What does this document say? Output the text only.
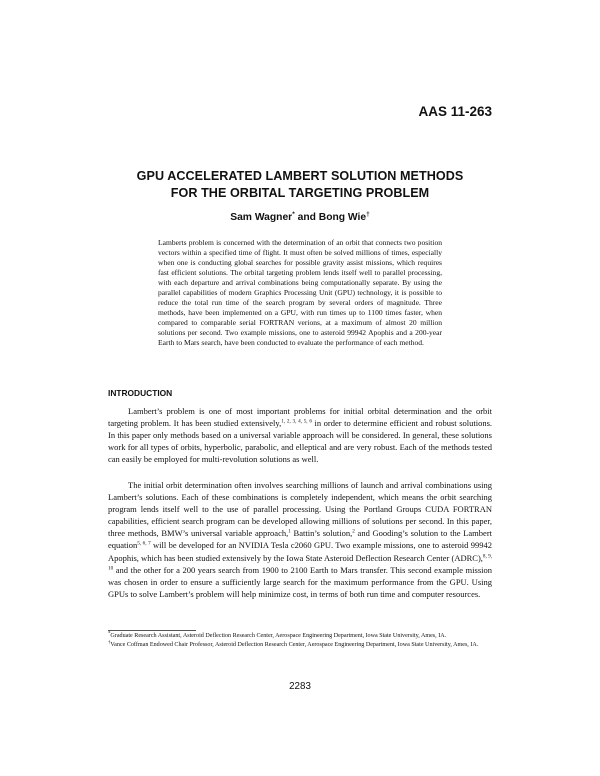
AAS 11-263
GPU ACCELERATED LAMBERT SOLUTION METHODS
FOR THE ORBITAL TARGETING PROBLEM
Sam Wagner* and Bong Wie†

Lamberts problem is concerned with the determination of an orbit that connects two position vectors within a specified time of flight. It must often be solved millions of times, especially when one is conducting global searches for possible gravity assist missions, which requires fast efficient solutions. The orbital targeting problem lends itself well to parallel processing, with each departure and arrival combinations being computationally separate. By using the parallel capabilities of modern Graphics Processing Unit (GPU) technology, it is possible to reduce the total run time of the search program by several orders of magnitude. Three methods, have been implemented on a GPU, with run times up to 1100 times faster, when compared to comparable serial FORTRAN verions, at a maximum of almost 20 million solutions per second. Two example missions, one to asteroid 99942 Apophis and a 200-year Earth to Mars search, have been conducted to evaluate the performance of each method.

INTRODUCTION

Lambert’s problem is one of most important problems for initial orbital determination and the orbit targeting problem. It has been studied extensively,$^{1, 2, 3, 4, 5, 6}$ in order to determine efficient and robust solutions. In this paper only methods based on a universal variable approach will be considered. In general, these solutions work for all types of orbits, hyperbolic, parabolic, and elleptical and are very robust. Each of the methods tested can easily be employed for multi-revolution solutions as well.

The initial orbit determination often involves searching millions of launch and arrival combinations using Lambert’s solutions. Each of these combinations is completely independent, which means the orbit searching program lends itself well to the use of parallel processing. Using the Portland Groups CUDA FORTRAN capabilities, efficient search program can be developed allowing millions of solutions per second. In this paper, three methods, BMW’s universal variable approach,$^1$ Battin’s solution,$^2$ and Gooding’s solution to the Lambert equation$^{5, 6, 7}$ will be developed for an NVIDIA Tesla c2060 GPU. Two example missions, one to asteroid 99942 Apophis, which has been studied extensively by the Iowa State Asteroid Deflection Research Center (ADRC),$^{8, 9, 10}$ and the other for a 200 years search from 1900 to 2100 Earth to Mars transfer. This second example mission was chosen in order to ensure a sufficiently large search for the maximum performance from the GPU. Using GPUs to solve Lambert’s problem will help minimize cost, in terms of both run time and computer resources.

*Graduate Research Assistant, Asteroid Deflection Research Center, Aerospace Engineering Department, Iowa State University, Ames, IA.

†Vance Coffman Endowed Chair Professor, Asteroid Deflection Research Center, Aerospace Engineering Department, Iowa State University, Ames, IA.

2283
